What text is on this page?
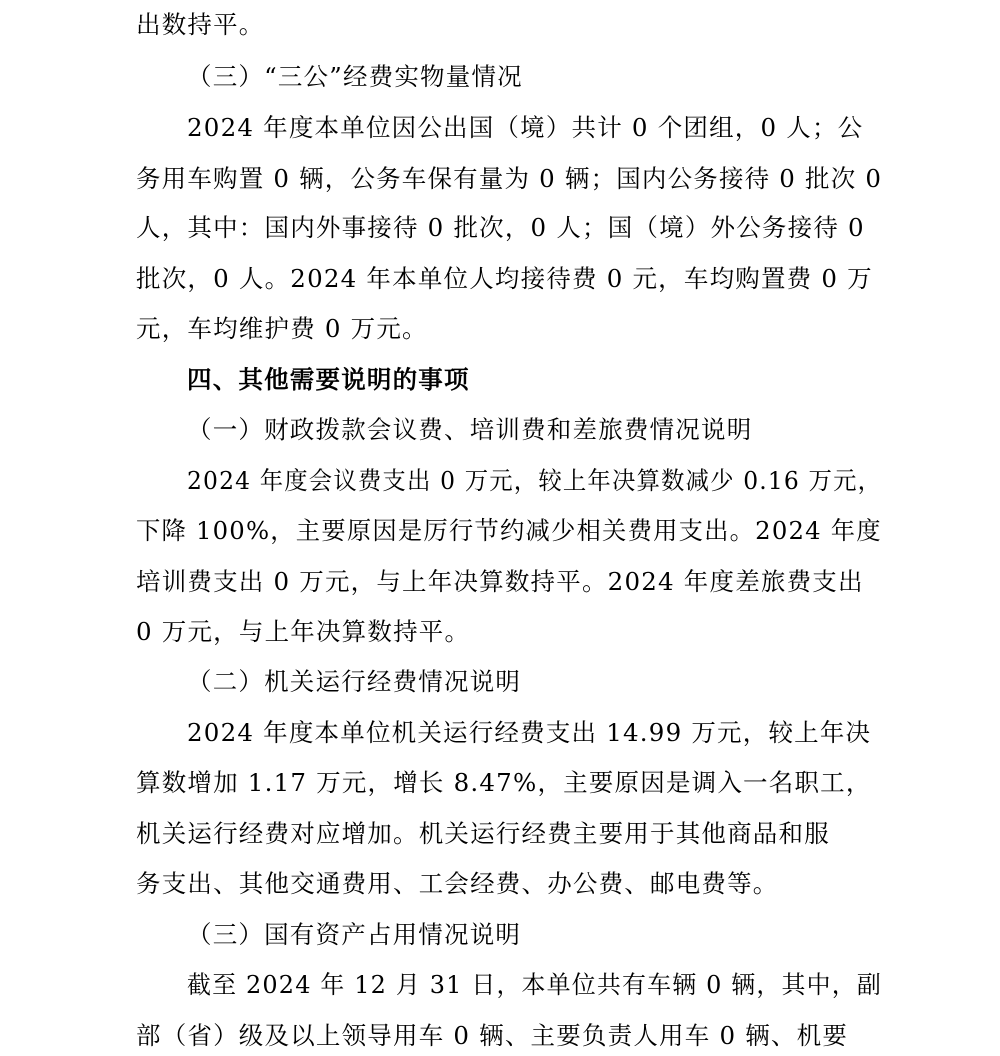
出数持平。
（三）“三公”经费实物量情况
2024 年度本单位因公出国（境）共计 0 个团组，0 人；公
务用车购置 0 辆，公务车保有量为 0 辆；国内公务接待 0 批次 0
人，其中：国内外事接待 0 批次，0 人；国（境）外公务接待 0
批次，0 人。2024 年本单位人均接待费 0 元，车均购置费 0 万
元，车均维护费 0 万元。
四、其他需要说明的事项
（一）财政拨款会议费、培训费和差旅费情况说明
2024 年度会议费支出 0 万元，较上年决算数减少 0.16 万元，
下降 100%，主要原因是厉行节约减少相关费用支出。2024 年度
培训费支出 0 万元，与上年决算数持平。2024 年度差旅费支出
0 万元，与上年决算数持平。
（二）机关运行经费情况说明
2024 年度本单位机关运行经费支出 14.99 万元，较上年决
算数增加 1.17 万元，增长 8.47%，主要原因是调入一名职工，
机关运行经费对应增加。机关运行经费主要用于其他商品和服
务支出、其他交通费用、工会经费、办公费、邮电费等。
（三）国有资产占用情况说明
截至 2024 年 12 月 31 日，本单位共有车辆 0 辆，其中，副
部（省）级及以上领导用车 0 辆、主要负责人用车 0 辆、机要
